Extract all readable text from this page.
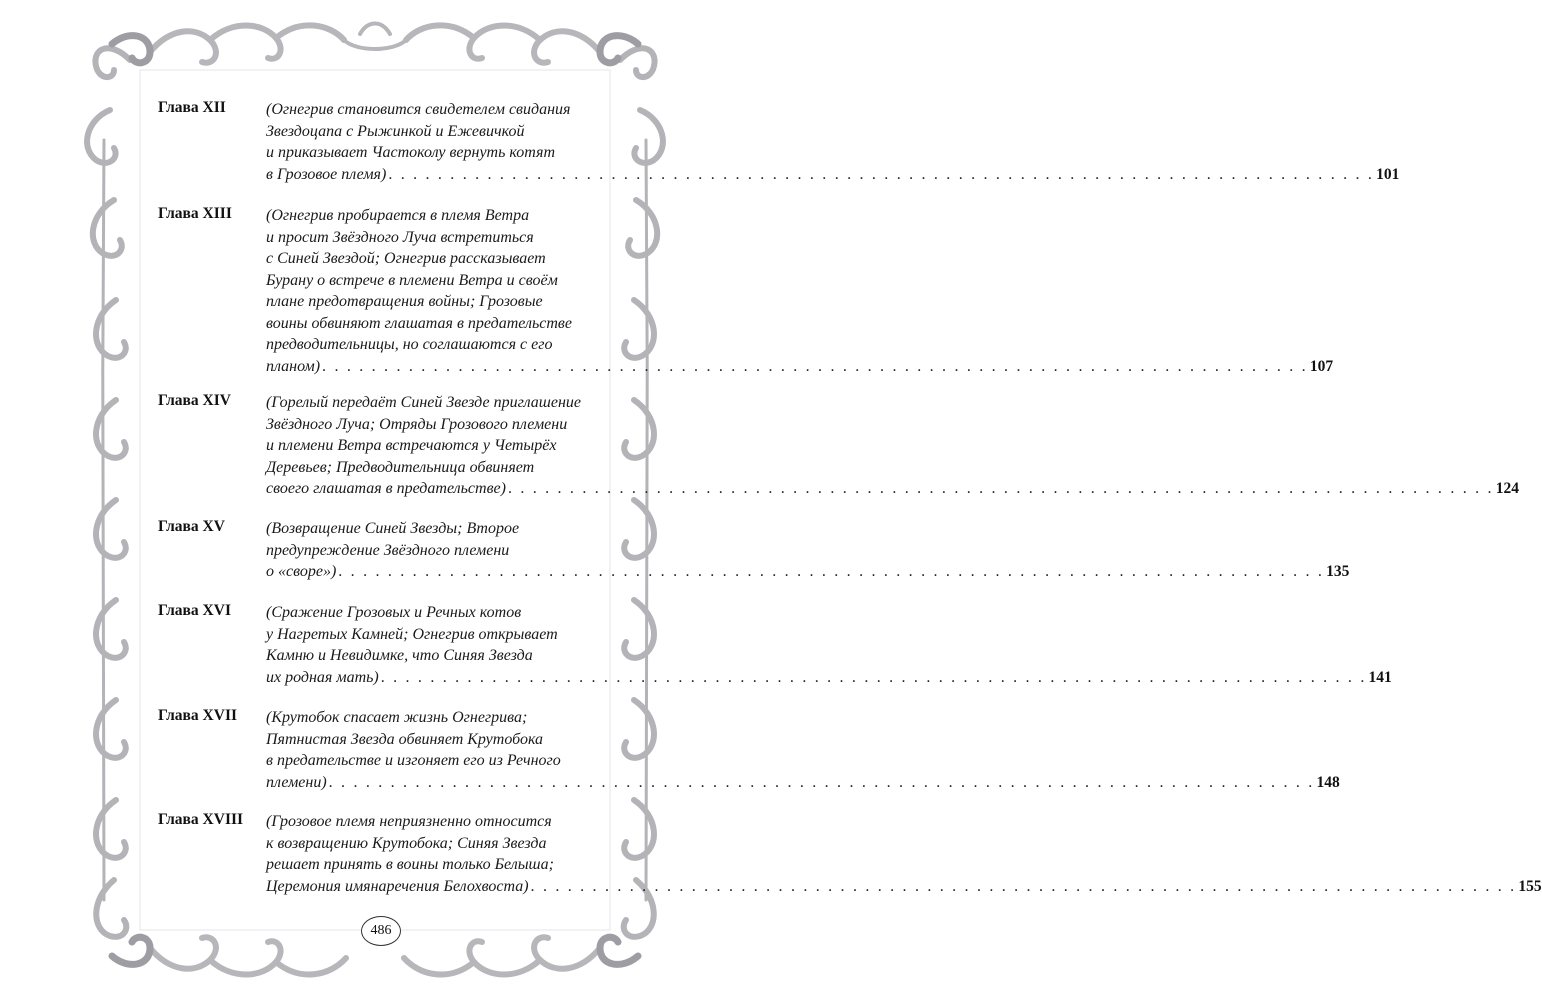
Глава XII	(Огнегрив становится свидетелем свидания
Звездоцапа с Рыжинкой и Ежевичкой
и приказывает Частоколу вернуть котят
в Грозовое племя) . . . . . . . . . . . . . . . . . . . . . . . . . . . . . . . . . . . . . . . . . . . . . . . . . . . . . . . . . . . . . . . . . . . . . . . . . . . . . . . . 101
Глава XIII (Огнегрив пробирается в племя Ветра
и просит Звёздного Луча встретиться
с Синей Звездой; Огнегрив рассказывает
Бурану о встрече в племени Ветра и своём
плане предотвращения войны; Грозовые
воины обвиняют глашатая в предательстве
предводительницы, но соглашаются с его
планом) . . . . . . . . . . . . . . . . . . . . . . . . . . . . . . . . . . . . . . . . . . . . . . . . . . . . . . . . . . . . . . . . . . . . . . . . . . . . . . . . 107
Глава XIV (Горелый передаёт Синей Звезде приглашение
Звёздного Луча; Отряды Грозового племени
и племени Ветра встречаются у Четырёх
Деревьев; Предводительница обвиняет
своего глашатая в предательстве) . . . . . . . . . . . . . . . . . . . . . . . . . . . . . . . . . . . . . . . . . . . . . . . . . . . . . . . . . . . . . . . . . . . . . . . . . . . . . . . . 124
Глава XV	(Возвращение Синей Звезды; Второе
предупреждение Звёздного племени
о «своре») . . . . . . . . . . . . . . . . . . . . . . . . . . . . . . . . . . . . . . . . . . . . . . . . . . . . . . . . . . . . . . . . . . . . . . . . . . . . . . . . 135
Глава XVI (Сражение Грозовых и Речных котов
у Нагретых Камней; Огнегрив открывает
Камню и Невидимке, что Синяя Звезда
их родная мать) . . . . . . . . . . . . . . . . . . . . . . . . . . . . . . . . . . . . . . . . . . . . . . . . . . . . . . . . . . . . . . . . . . . . . . . . . . . . . . . . 141
Глава XVII (Крутобок спасает жизнь Огнегрива;
Пятнистая Звезда обвиняет Крутобока
в предательстве и изгоняет его из Речного
племени) . . . . . . . . . . . . . . . . . . . . . . . . . . . . . . . . . . . . . . . . . . . . . . . . . . . . . . . . . . . . . . . . . . . . . . . . . . . . . . . . 148
Глава XVIII (Грозовое племя неприязненно относится
к возвращению Крутобока; Синяя Звезда
решает принять в воины только Белыша;
Церемония имянаречения Белохвоста) . . . . . . . . . . . . . . . . . . . . . . . . . . . . . . . . . . . . . . . . . . . . . . . . . . . . . . . . . . . . . . . . . . . . . . . . . . . . . . . . 155
486
